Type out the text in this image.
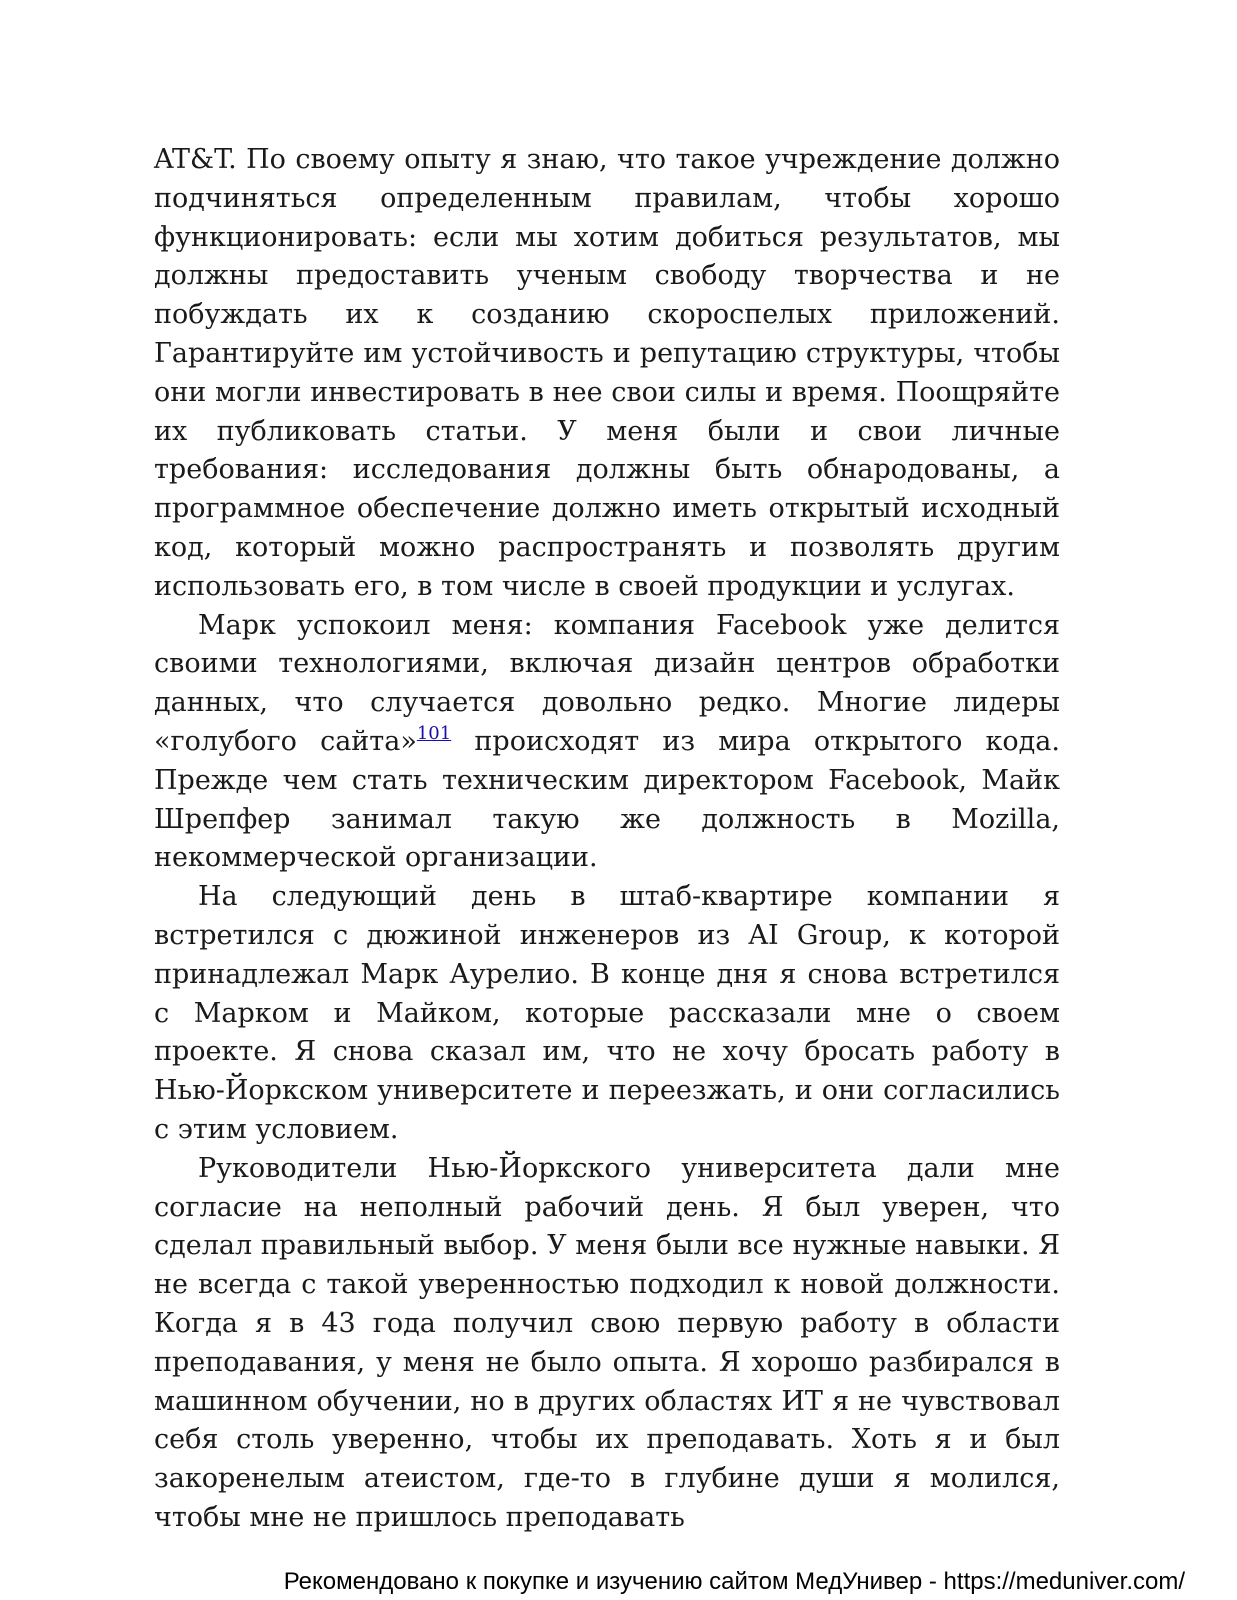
AT&T. По своему опыту я знаю, что такое учреждение должно подчиняться определенным правилам, чтобы хорошо функционировать: если мы хотим добиться результатов, мы должны предоставить ученым свободу творчества и не побуждать их к созданию скороспелых приложений. Гарантируйте им устойчивость и репутацию структуры, чтобы они могли инвестировать в нее свои силы и время. Поощряйте их публиковать статьи. У меня были и свои личные требования: исследования должны быть обнародованы, а программное обеспечение должно иметь открытый исходный код, который можно распространять и позволять другим использовать его, в том числе в своей продукции и услугах.

Марк успокоил меня: компания Facebook уже делится своими технологиями, включая дизайн центров обработки данных, что случается довольно редко. Многие лидеры «голубого сайта»$^{101}$ происходят из мира открытого кода. Прежде чем стать техническим директором Facebook, Майк Шрепфер занимал такую же должность в Mozilla, некоммерческой организации.

На следующий день в штаб-квартире компании я встретился с дюжиной инженеров из AI Group, к которой принадлежал Марк Аурелио. В конце дня я снова встретился с Марком и Майком, которые рассказали мне о своем проекте. Я снова сказал им, что не хочу бросать работу в Нью-Йоркском университете и переезжать, и они согласились с этим условием.

Руководители Нью-Йоркского университета дали мне согласие на неполный рабочий день. Я был уверен, что сделал правильный выбор. У меня были все нужные навыки. Я не всегда с такой уверенностью подходил к новой должности. Когда я в 43 года получил свою первую работу в области преподавания, у меня не было опыта. Я хорошо разбирался в машинном обучении, но в других областях ИТ я не чувствовал себя столь уверенно, чтобы их преподавать. Хоть я и был закоренелым атеистом, где-то в глубине души я молился, чтобы мне не пришлось преподавать

Рекомендовано к покупке и изучению сайтом МедУнивер - https://meduniver.com/
